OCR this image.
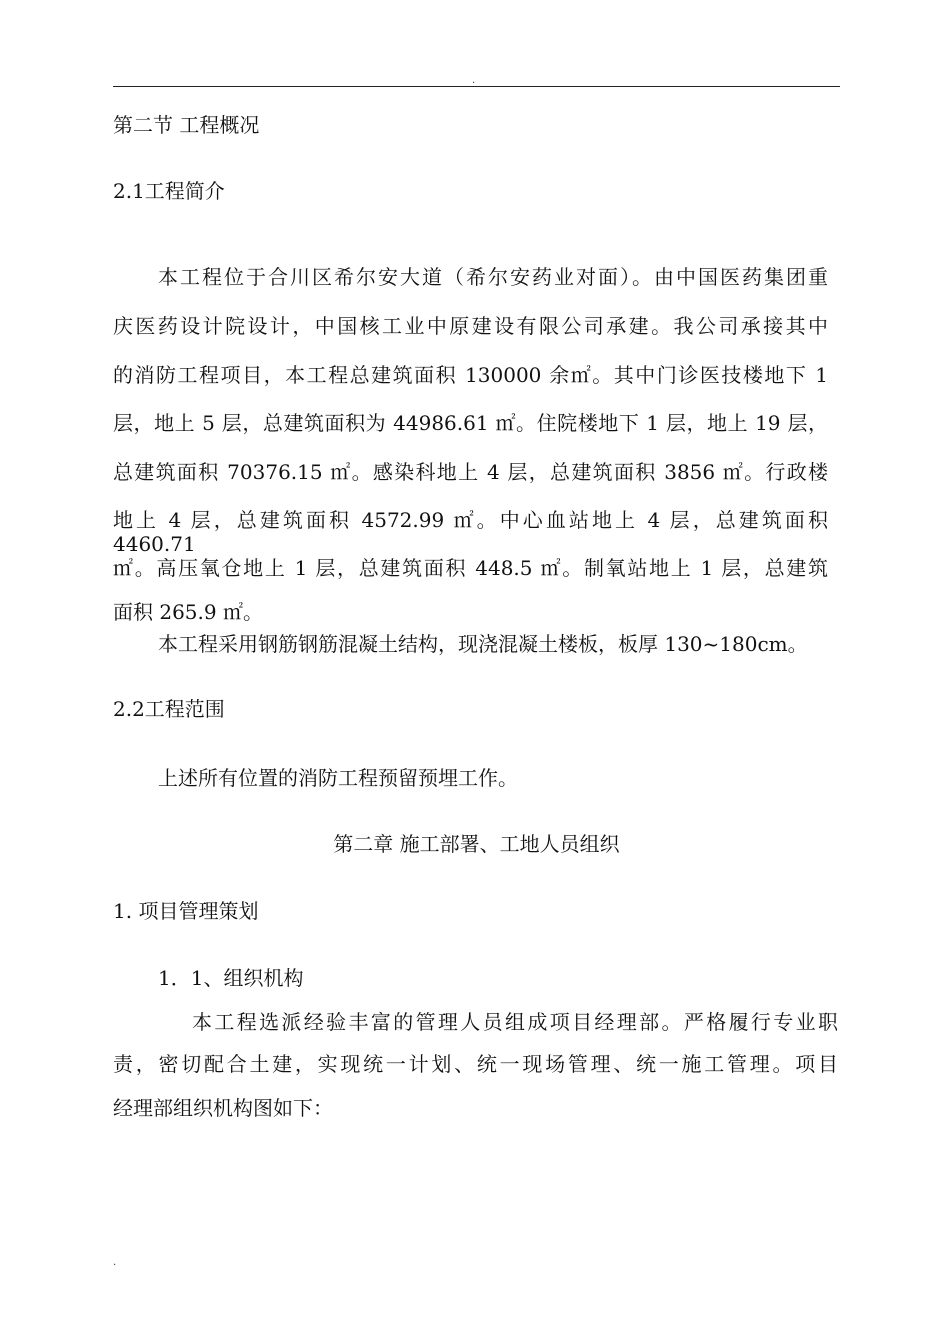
.
第二节 工程概况
2.1工程简介
本工程位于合川区希尔安大道（希尔安药业对面）。由中国医药集团重
庆医药设计院设计，中国核工业中原建设有限公司承建。我公司承接其中
的消防工程项目，本工程总建筑面积 130000 余㎡。其中门诊医技楼地下 1
层，地上 5 层，总建筑面积为 44986.61 ㎡。住院楼地下 1 层，地上 19 层，
总建筑面积 70376.15 ㎡。感染科地上 4 层，总建筑面积 3856 ㎡。行政楼
地上 4 层，总建筑面积 4572.99 ㎡。中心血站地上 4 层，总建筑面积 4460.71
㎡。高压氧仓地上 1 层，总建筑面积 448.5 ㎡。制氧站地上 1 层，总建筑
面积 265.9 ㎡。
本工程采用钢筋钢筋混凝土结构，现浇混凝土楼板，板厚 130~180cm。
2.2工程范围
上述所有位置的消防工程预留预埋工作。
第二章 施工部署、工地人员组织
1. 项目管理策划
1．1、组织机构
本工程选派经验丰富的管理人员组成项目经理部。严格履行专业职
责，密切配合土建，实现统一计划、统一现场管理、统一施工管理。项目
经理部组织机构图如下：
.
